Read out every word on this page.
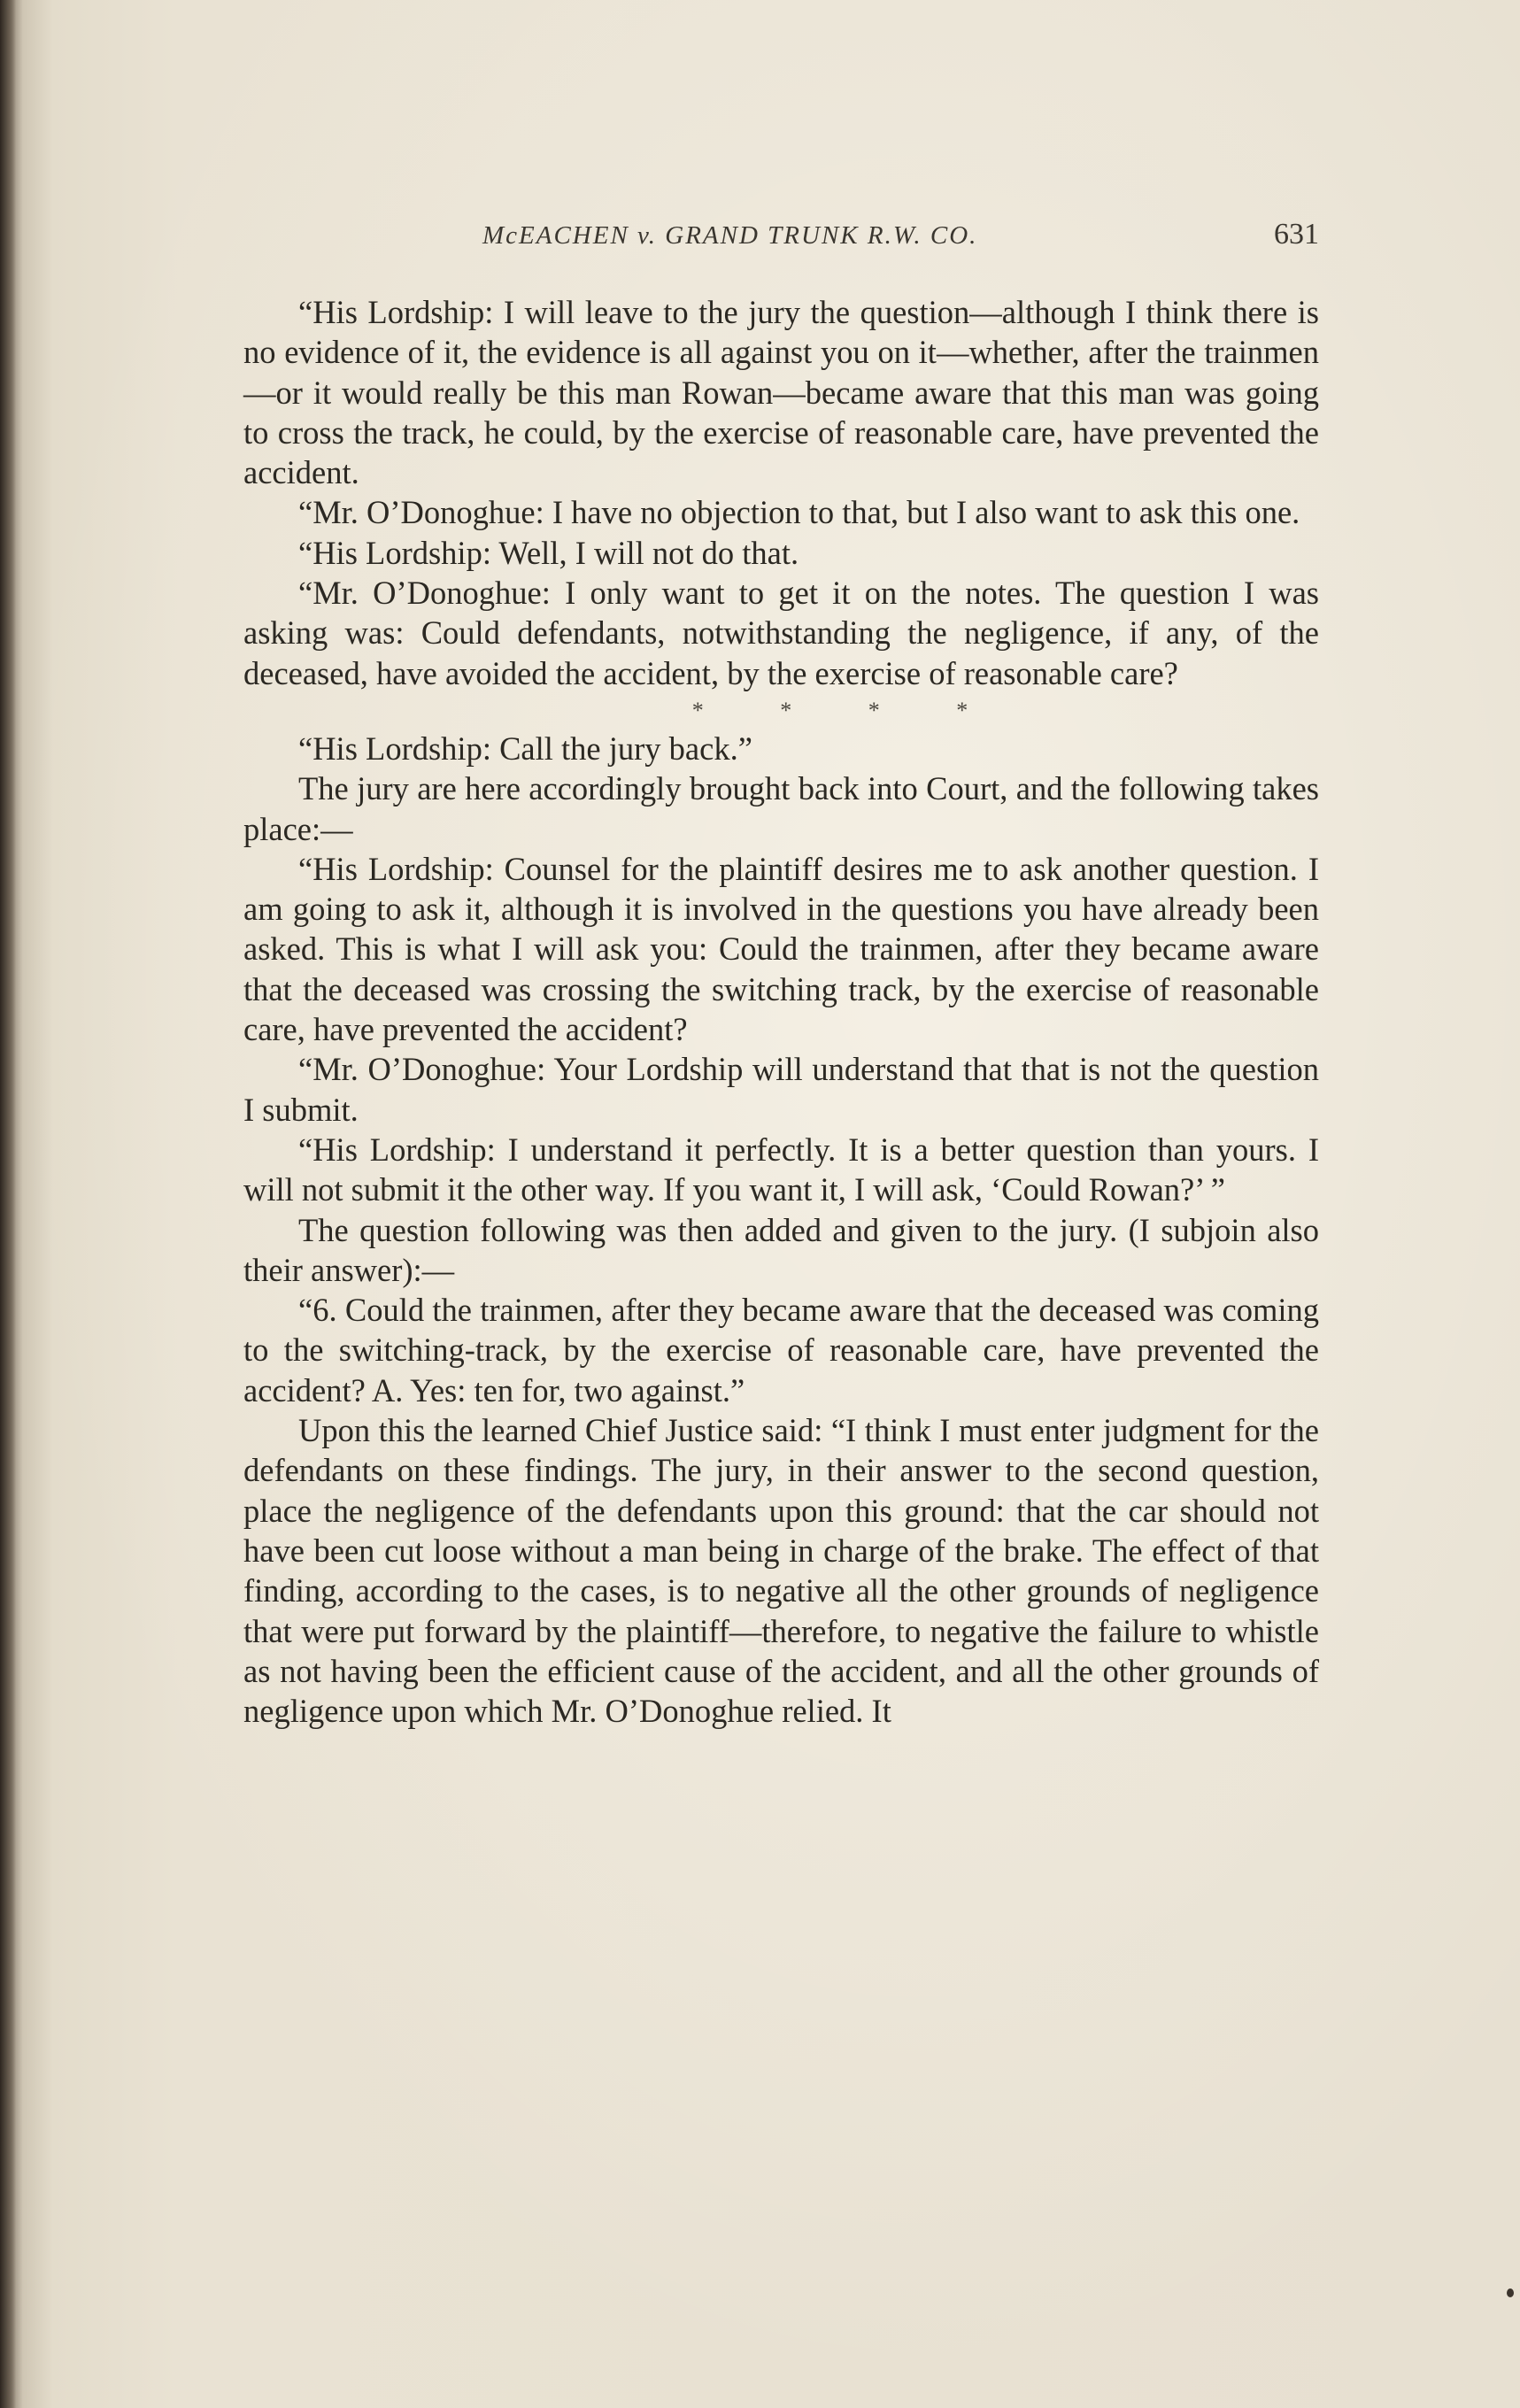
McEACHEN v. GRAND TRUNK R.W. CO.	631

“His Lordship: I will leave to the jury the question—although I think there is no evidence of it, the evidence is all against you on it—whether, after the trainmen—or it would really be this man Rowan—became aware that this man was going to cross the track, he could, by the exercise of reasonable care, have prevented the accident.

“Mr. O’Donoghue: I have no objection to that, but I also want to ask this one.

“His Lordship: Well, I will not do that.

“Mr. O’Donoghue: I only want to get it on the notes. The question I was asking was: Could defendants, notwithstanding the negligence, if any, of the deceased, have avoided the accident, by the exercise of reasonable care?

* * * *

“His Lordship: Call the jury back.”

The jury are here accordingly brought back into Court, and the following takes place:—

“His Lordship: Counsel for the plaintiff desires me to ask another question. I am going to ask it, although it is involved in the questions you have already been asked. This is what I will ask you: Could the trainmen, after they became aware that the deceased was crossing the switching track, by the exercise of reasonable care, have prevented the accident?

“Mr. O’Donoghue: Your Lordship will understand that that is not the question I submit.

“His Lordship: I understand it perfectly. It is a better question than yours. I will not submit it the other way. If you want it, I will ask, ‘Could Rowan?’ ”

The question following was then added and given to the jury. (I subjoin also their answer):—

“6. Could the trainmen, after they became aware that the deceased was coming to the switching-track, by the exercise of reasonable care, have prevented the accident? A. Yes: ten for, two against.”

Upon this the learned Chief Justice said: “I think I must enter judgment for the defendants on these findings. The jury, in their answer to the second question, place the negligence of the defendants upon this ground: that the car should not have been cut loose without a man being in charge of the brake. The effect of that finding, according to the cases, is to negative all the other grounds of negligence that were put forward by the plaintiff—therefore, to negative the failure to whistle as not having been the efficient cause of the accident, and all the other grounds of negligence upon which Mr. O’Donoghue relied. It
